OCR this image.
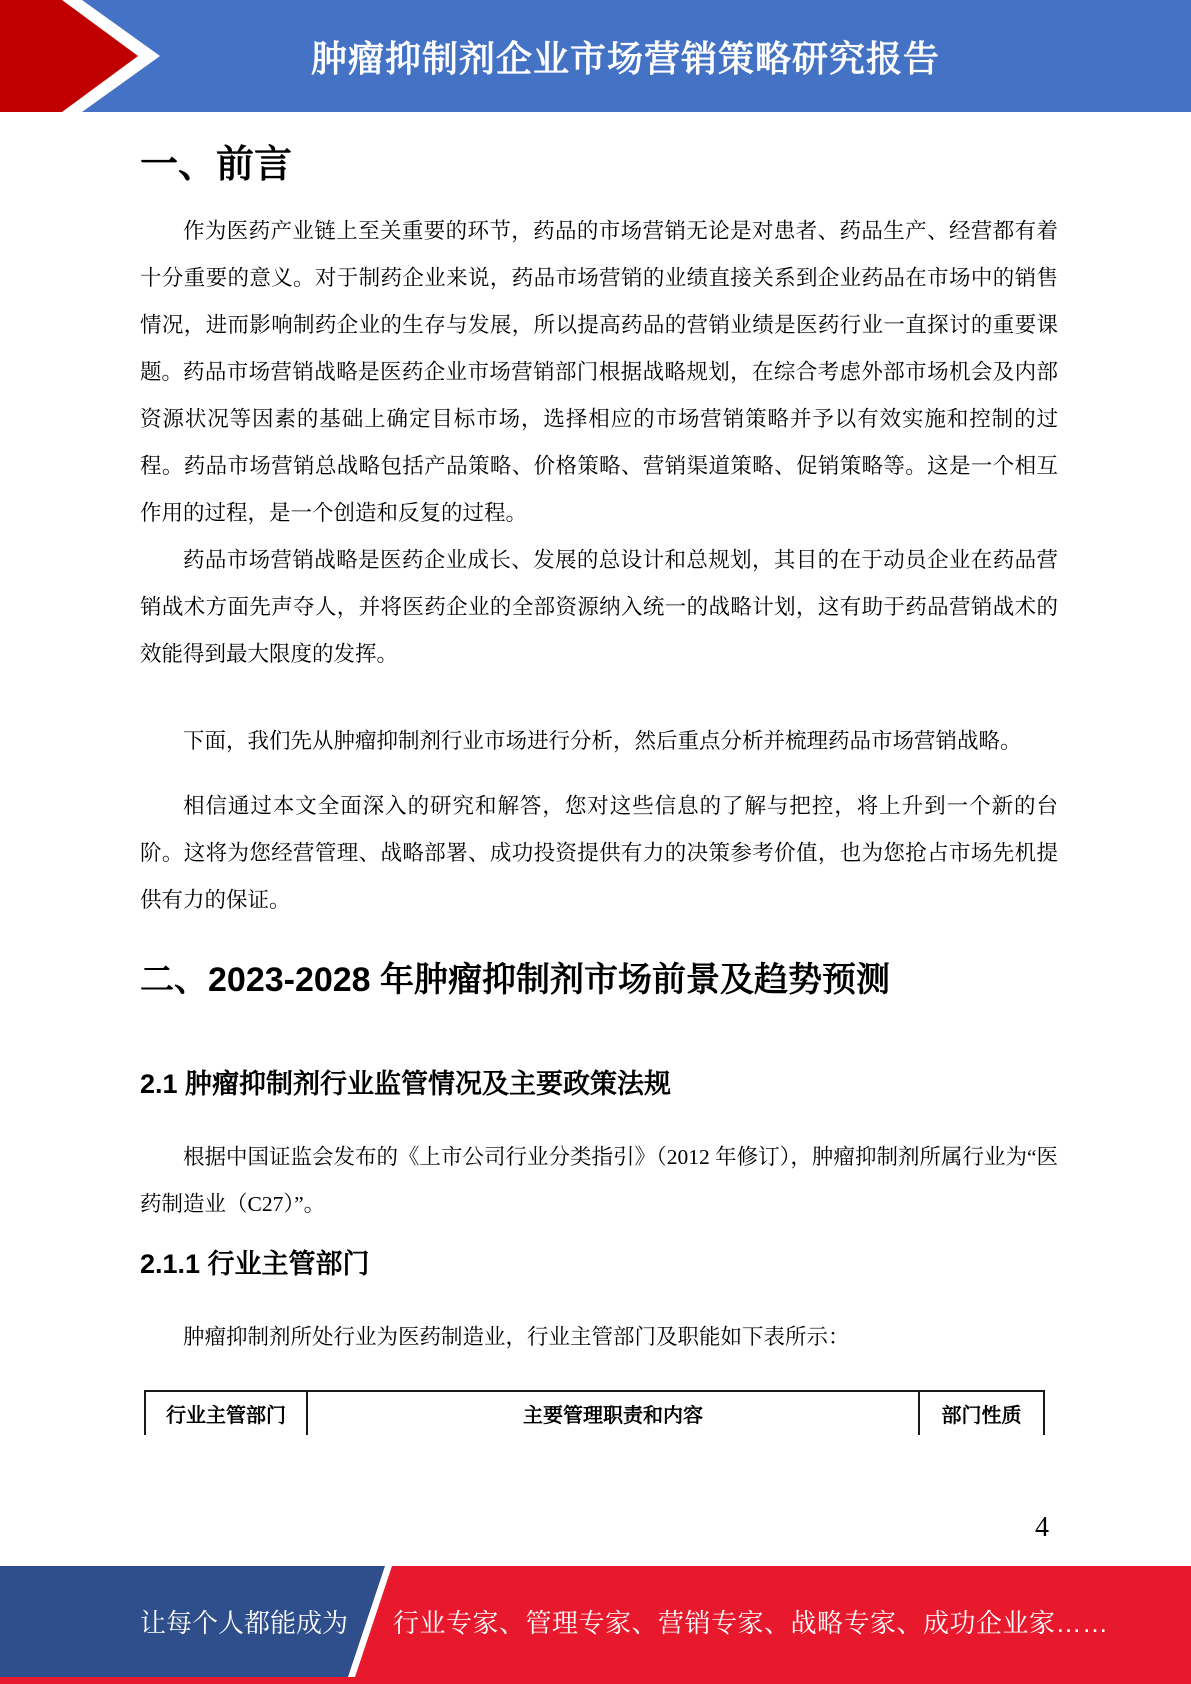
肿瘤抑制剂企业市场营销策略研究报告
一、前言
作为医药产业链上至关重要的环节，药品的市场营销无论是对患者、药品生产、经营都有着十分重要的意义。对于制药企业来说，药品市场营销的业绩直接关系到企业药品在市场中的销售情况，进而影响制药企业的生存与发展，所以提高药品的营销业绩是医药行业一直探讨的重要课题。 药品市场营销战略是医药企业市场营销部门根据战略规划，在综合考虑外部市场机会及内部资源状况等因素的基础上确定目标市场，选择相应的市场营销策略并予以有效实施和控制的过程。药品市场营销总战略包括产品策略、价格策略、营销渠道策略、促销策略等。这是一个相互作用的过程，是一个创造和反复的过程。
药品市场营销战略是医药企业成长、发展的总设计和总规划，其目的在于动员企业在药品营销战术方面先声夺人，并将医药企业的全部资源纳入统一的战略计划，这有助于药品营销战术的效能得到最大限度的发挥。
下面，我们先从肿瘤抑制剂行业市场进行分析，然后重点分析并梳理药品市场营销战略。
相信通过本文全面深入的研究和解答，您对这些信息的了解与把控，将上升到一个新的台阶。这将为您经营管理、战略部署、成功投资提供有力的决策参考价值，也为您抢占市场先机提供有力的保证。
二、2023-2028 年肿瘤抑制剂市场前景及趋势预测
2.1 肿瘤抑制剂行业监管情况及主要政策法规
根据中国证监会发布的《上市公司行业分类指引》（2012 年修订），肿瘤抑制剂所属行业为“医药制造业（C27）”。
2.1.1 行业主管部门
肿瘤抑制剂所处行业为医药制造业，行业主管部门及职能如下表所示：
行业主管部门	主要管理职责和内容	部门性质
4
让每个人都能成为 行业专家、管理专家、营销专家、战略专家、成功企业家……
